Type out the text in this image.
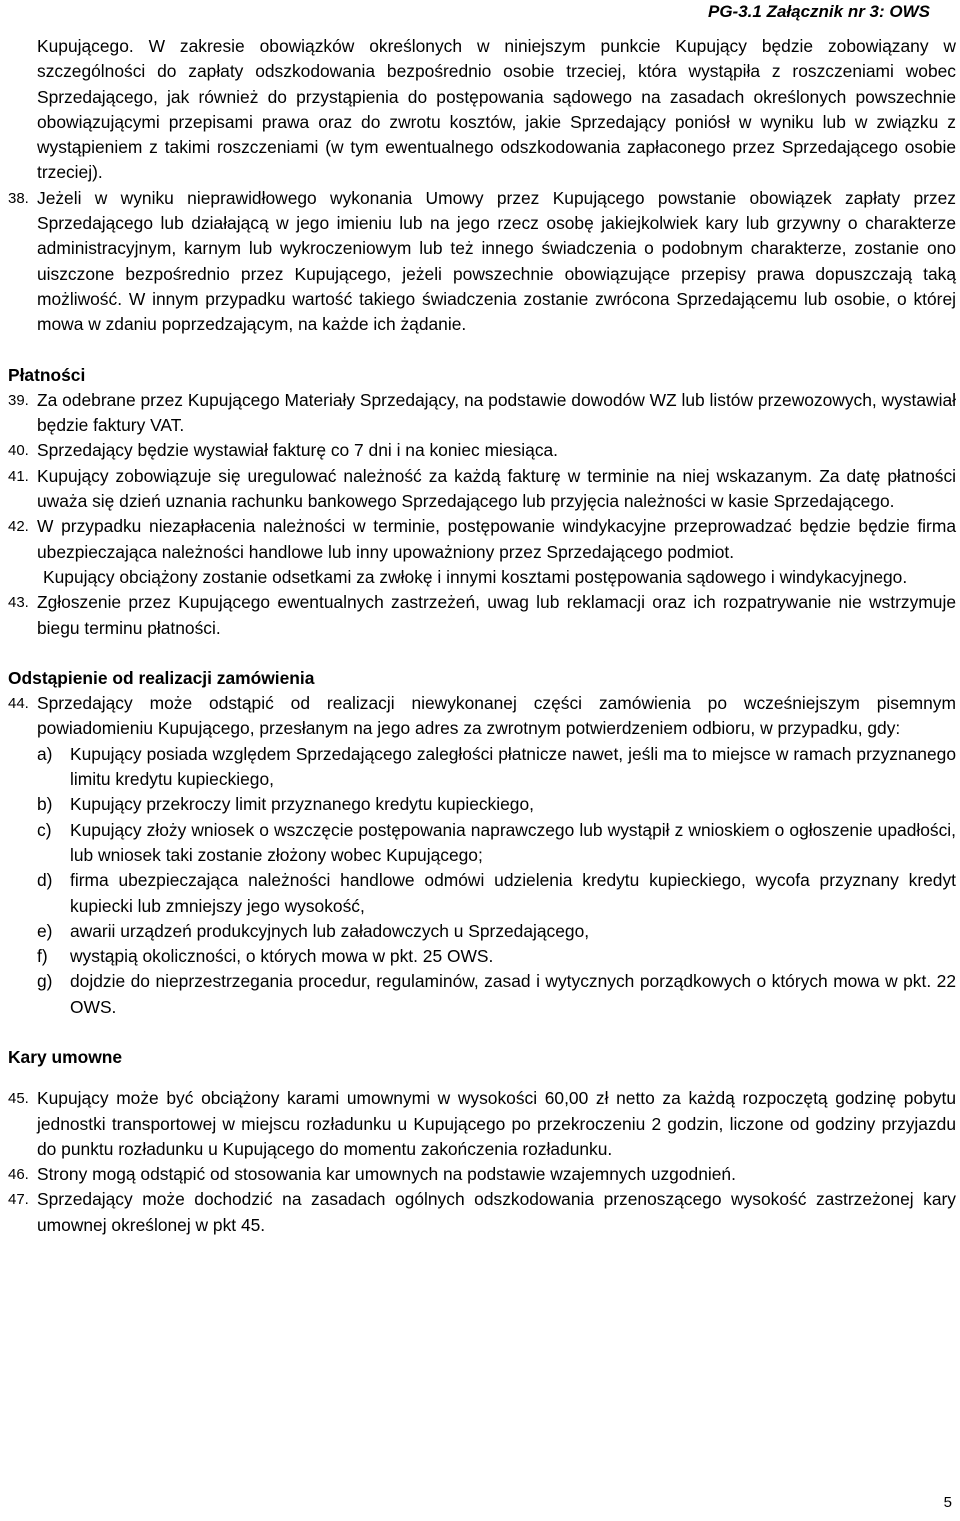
PG-3.1 Załącznik nr 3: OWS

Kupującego. W zakresie obowiązków określonych w niniejszym punkcie Kupujący będzie zobowiązany w szczególności do zapłaty odszkodowania bezpośrednio osobie trzeciej, która wystąpiła z roszczeniami wobec Sprzedającego, jak również do przystąpienia do postępowania sądowego na zasadach określonych powszechnie obowiązującymi przepisami prawa oraz do zwrotu kosztów, jakie Sprzedający poniósł w wyniku lub w związku z wystąpieniem z takimi roszczeniami (w tym ewentualnego odszkodowania zapłaconego przez Sprzedającego osobie trzeciej).

38. Jeżeli w wyniku nieprawidłowego wykonania Umowy przez Kupującego powstanie obowiązek zapłaty przez Sprzedającego lub działającą w jego imieniu lub na jego rzecz osobę jakiejkolwiek kary lub grzywny o charakterze administracyjnym, karnym lub wykroczeniowym lub też innego świadczenia o podobnym charakterze, zostanie ono uiszczone bezpośrednio przez Kupującego, jeżeli powszechnie obowiązujące przepisy prawa dopuszczają taką możliwość. W innym przypadku wartość takiego świadczenia zostanie zwrócona Sprzedającemu lub osobie, o której mowa w zdaniu poprzedzającym, na każde ich żądanie.

Płatności

39. Za odebrane przez Kupującego Materiały Sprzedający, na podstawie dowodów WZ lub listów przewozowych, wystawiał będzie faktury VAT.
40. Sprzedający będzie wystawiał fakturę co 7 dni i na koniec miesiąca.
41. Kupujący zobowiązuje się uregulować należność za każdą fakturę w terminie na niej wskazanym. Za datę płatności uważa się dzień uznania rachunku bankowego Sprzedającego lub przyjęcia należności w kasie Sprzedającego.
42. W przypadku niezapłacenia należności w terminie, postępowanie windykacyjne przeprowadzać będzie będzie firma ubezpieczająca należności handlowe lub inny upoważniony przez Sprzedającego podmiot.

Kupujący obciążony zostanie odsetkami za zwłokę i innymi kosztami postępowania sądowego i windykacyjnego.

43. Zgłoszenie przez Kupującego ewentualnych zastrzeżeń, uwag lub reklamacji oraz ich rozpatrywanie nie wstrzymuje biegu terminu płatności.

Odstąpienie od realizacji zamówienia

44. Sprzedający może odstąpić od realizacji niewykonanej części zamówienia po wcześniejszym pisemnym powiadomieniu Kupującego, przesłanym na jego adres za zwrotnym potwierdzeniem odbioru, w przypadku, gdy:
a)	Kupujący posiada względem Sprzedającego zaległości płatnicze nawet, jeśli ma to miejsce w ramach przyznanego limitu kredytu kupieckiego,
b)	Kupujący przekroczy limit przyznanego kredytu kupieckiego,
c)	Kupujący złoży wniosek o wszczęcie postępowania naprawczego lub wystąpił z wnioskiem o ogłoszenie upadłości, lub wniosek taki zostanie złożony wobec Kupującego;
d)	firma ubezpieczająca należności handlowe odmówi udzielenia kredytu kupieckiego, wycofa przyznany kredyt kupiecki lub zmniejszy jego wysokość,
e)	awarii urządzeń produkcyjnych lub załadowczych u Sprzedającego,
f)	wystąpią okoliczności, o których mowa w pkt. 25 OWS.
g)	dojdzie do nieprzestrzegania procedur, regulaminów, zasad i wytycznych porządkowych o których mowa w pkt. 22 OWS.

Kary umowne

45. Kupujący może być obciążony karami umownymi w wysokości 60,00 zł netto za każdą rozpoczętą godzinę pobytu jednostki transportowej w miejscu rozładunku u Kupującego po przekroczeniu 2 godzin, liczone od godziny przyjazdu do punktu rozładunku u Kupującego do momentu zakończenia rozładunku.
46. Strony mogą odstąpić od stosowania kar umownych na podstawie wzajemnych uzgodnień.
47. Sprzedający może dochodzić na zasadach ogólnych odszkodowania przenoszącego wysokość zastrzeżonej kary umownej określonej w pkt 45.
5
